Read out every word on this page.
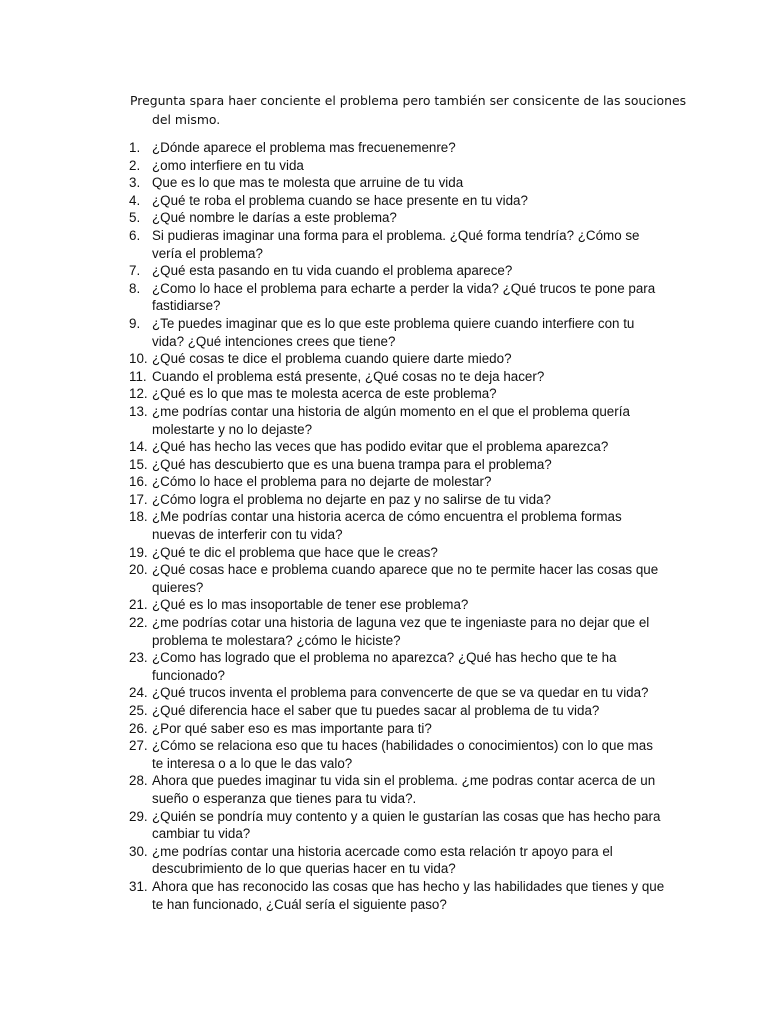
Pregunta spara haer conciente el problema pero también ser consicente de las souciones del mismo.

1. ¿Dónde aparece el problema mas frecuenemenre?
2. ¿omo interfiere en tu vida
3. Que es lo que mas te molesta que arruine de tu vida
4. ¿Qué te roba el problema cuando se hace presente en tu vida?
5. ¿Qué nombre le darías a este problema?
6. Si pudieras imaginar una forma para el problema. ¿Qué forma tendría? ¿Cómo se vería el problema?
7. ¿Qué esta pasando en tu vida cuando el problema aparece?
8. ¿Como lo hace el problema para echarte a perder la vida? ¿Qué trucos te pone para fastidiarse?
9. ¿Te puedes imaginar que es lo que este problema quiere cuando interfiere con tu vida? ¿Qué intenciones crees que tiene?
10. ¿Qué cosas te dice el problema cuando quiere darte miedo?
11. Cuando el problema está presente, ¿Qué cosas no te deja hacer?
12. ¿Qué es lo que mas te molesta acerca de este problema?
13. ¿me podrías contar una historia de algún momento en el que el problema quería molestarte y no lo dejaste?
14. ¿Qué has hecho las veces que has podido evitar que el problema aparezca?
15. ¿Qué has descubierto que es una buena trampa para el problema?
16. ¿Cómo lo hace el problema para no dejarte de molestar?
17. ¿Cómo logra el problema no dejarte en paz y no salirse de tu vida?
18. ¿Me podrías contar una historia acerca de cómo encuentra el problema formas nuevas de interferir con tu vida?
19. ¿Qué te dic el problema que hace que le creas?
20. ¿Qué cosas hace e problema cuando aparece que no te permite hacer las cosas que quieres?
21. ¿Qué es lo mas insoportable de tener ese problema?
22. ¿me podrías cotar una historia de laguna vez que te ingeniaste para no dejar que el problema te molestara? ¿cómo le hiciste?
23. ¿Como has logrado que el problema no aparezca? ¿Qué has hecho que te ha funcionado?
24. ¿Qué trucos inventa el problema para convencerte de que se va quedar en tu vida?
25. ¿Qué diferencia hace el saber que tu puedes sacar al problema de tu vida?
26. ¿Por qué saber eso es mas importante para ti?
27. ¿Cómo se relaciona eso que tu haces (habilidades o conocimientos) con lo que mas te interesa o a lo que le das valo?
28. Ahora que puedes imaginar tu vida sin el problema. ¿me podras contar acerca de un sueño o esperanza que tienes para tu vida?.
29. ¿Quién se pondría muy contento y a quien le gustarían las cosas que has hecho para cambiar tu vida?
30. ¿me podrías contar una historia acercade como esta relación tr apoyo para el descubrimiento de lo que querias hacer en tu vida?
31. Ahora que has reconocido las cosas que has hecho y las habilidades que tienes y que te han funcionado, ¿Cuál sería el siguiente paso?
